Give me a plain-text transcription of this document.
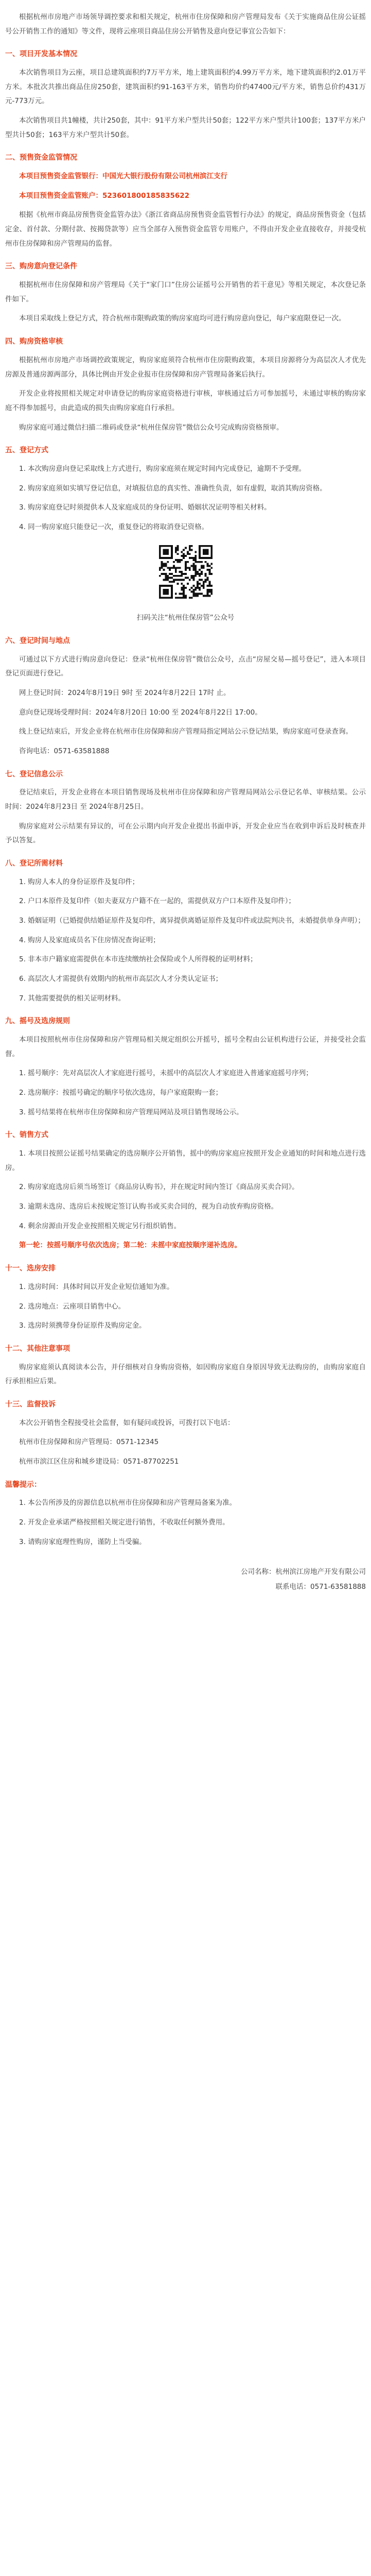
根据杭州市房地产市场领导调控要求和相关规定，杭州市住房保障和房产管理局发布《关于实施商品住房公证摇号公开销售工作的通知》等文件，现将云座项目商品住房公开销售及意向登记事宜公告如下：

一、项目开发基本情况

本次销售项目为云座，项目总建筑面积约7万平方米，地上建筑面积约4.99万平方米，地下建筑面积约2.01万平方米。本批次共推出商品住房250套，建筑面积约91-163平方米，销售均价约47400元/平方米，销售总价约431万元-773万元。

本次销售项目共1幢楼，共计250套，其中：91平方米户型共计50套；122平方米户型共计100套；137平方米户型共计50套；163平方米户型共计50套。

二、预售资金监管情况

本项目预售资金监管银行：中国光大银行股份有限公司杭州滨江支行

本项目预售资金监管账户：523601800185835622

根据《杭州市商品房预售资金监管办法》《浙江省商品房预售资金监管暂行办法》的规定，商品房预售资金（包括定金、首付款、分期付款、按揭贷款等）应当全部存入预售资金监管专用账户，不得由开发企业直接收存，并接受杭州市住房保障和房产管理局的监督。

三、购房意向登记条件

根据杭州市住房保障和房产管理局《关于“家门口”住房公证摇号公开销售的若干意见》等相关规定，本次登记条件如下。

本项目采取线上登记方式，符合杭州市限购政策的购房家庭均可进行购房意向登记，每户家庭限登记一次。

四、购房资格审核

根据杭州市房地产市场调控政策规定，购房家庭须符合杭州市住房限购政策，本项目房源将分为高层次人才优先房源及普通房源两部分，具体比例由开发企业报市住房保障和房产管理局备案后执行。

开发企业将按照相关规定对申请登记的购房家庭资格进行审核，审核通过后方可参加摇号，未通过审核的购房家庭不得参加摇号，由此造成的损失由购房家庭自行承担。

购房家庭可通过微信扫描二维码或登录“杭州住保房管”微信公众号完成购房资格预审。

五、登记方式

1. 本次购房意向登记采取线上方式进行，购房家庭须在规定时间内完成登记，逾期不予受理。

2. 购房家庭须如实填写登记信息，对填报信息的真实性、准确性负责，如有虚假，取消其购房资格。

3. 购房家庭登记时须提供本人及家庭成员的身份证明、婚姻状况证明等相关材料。

4. 同一购房家庭只能登记一次，重复登记的将取消登记资格。

扫码关注“杭州住保房管”公众号

六、登记时间与地点

可通过以下方式进行购房意向登记：登录“杭州住保房管”微信公众号，点击“房屋交易—摇号登记”，进入本项目登记页面进行登记。

网上登记时间：2024年8月19日 9时 至 2024年8月22日 17时 止。

意向登记现场受理时间：2024年8月20日 10:00 至 2024年8月22日 17:00。

线上登记结束后，开发企业将在杭州市住房保障和房产管理局指定网站公示登记结果，购房家庭可登录查询。

咨询电话：0571-63581888

七、登记信息公示

登记结束后，开发企业将在本项目销售现场及杭州市住房保障和房产管理局网站公示登记名单、审核结果。公示时间：2024年8月23日 至 2024年8月25日。

购房家庭对公示结果有异议的，可在公示期内向开发企业提出书面申诉，开发企业应当在收到申诉后及时核查并予以答复。

八、登记所需材料

1. 购房人本人的身份证原件及复印件；

2. 户口本原件及复印件（如夫妻双方户籍不在一起的，需提供双方户口本原件及复印件）；

3. 婚姻证明（已婚提供结婚证原件及复印件，离异提供离婚证原件及复印件或法院判决书，未婚提供单身声明）；

4. 购房人及家庭成员名下住房情况查询证明；

5. 非本市户籍家庭需提供在本市连续缴纳社会保险或个人所得税的证明材料；

6. 高层次人才需提供有效期内的杭州市高层次人才分类认定证书；

7. 其他需要提供的相关证明材料。

九、摇号及选房规则

本项目按照杭州市住房保障和房产管理局相关规定组织公开摇号，摇号全程由公证机构进行公证，并接受社会监督。

1. 摇号顺序：先对高层次人才家庭进行摇号，未摇中的高层次人才家庭进入普通家庭摇号序列；

2. 选房顺序：按摇号确定的顺序号依次选房，每户家庭限购一套；

3. 摇号结果将在杭州市住房保障和房产管理局网站及项目销售现场公示。

十、销售方式

1. 本项目按照公证摇号结果确定的选房顺序公开销售，摇中的购房家庭应按照开发企业通知的时间和地点进行选房。

2. 购房家庭选房后须当场签订《商品房认购书》，并在规定时间内签订《商品房买卖合同》。

3. 逾期未选房、选房后未按规定签订认购书或买卖合同的，视为自动放弃购房资格。

4. 剩余房源由开发企业按照相关规定另行组织销售。

第一轮：按摇号顺序号依次选房；第二轮：未摇中家庭按顺序递补选房。

十一、选房安排

1. 选房时间：具体时间以开发企业短信通知为准。

2. 选房地点：云座项目销售中心。

3. 选房时须携带身份证原件及购房定金。

十二、其他注意事项

购房家庭须认真阅读本公告，并仔细核对自身购房资格，如因购房家庭自身原因导致无法购房的，由购房家庭自行承担相应后果。

十三、监督投诉

本次公开销售全程接受社会监督，如有疑问或投诉，可拨打以下电话：

杭州市住房保障和房产管理局：0571-12345

杭州市滨江区住房和城乡建设局：0571-87702251

温馨提示：

1. 本公告所涉及的房源信息以杭州市住房保障和房产管理局备案为准。

2. 开发企业承诺严格按照相关规定进行销售，不收取任何额外费用。

3. 请购房家庭理性购房，谨防上当受骗。

公司名称：杭州滨江房地产开发有限公司
联系电话：0571-63581888
